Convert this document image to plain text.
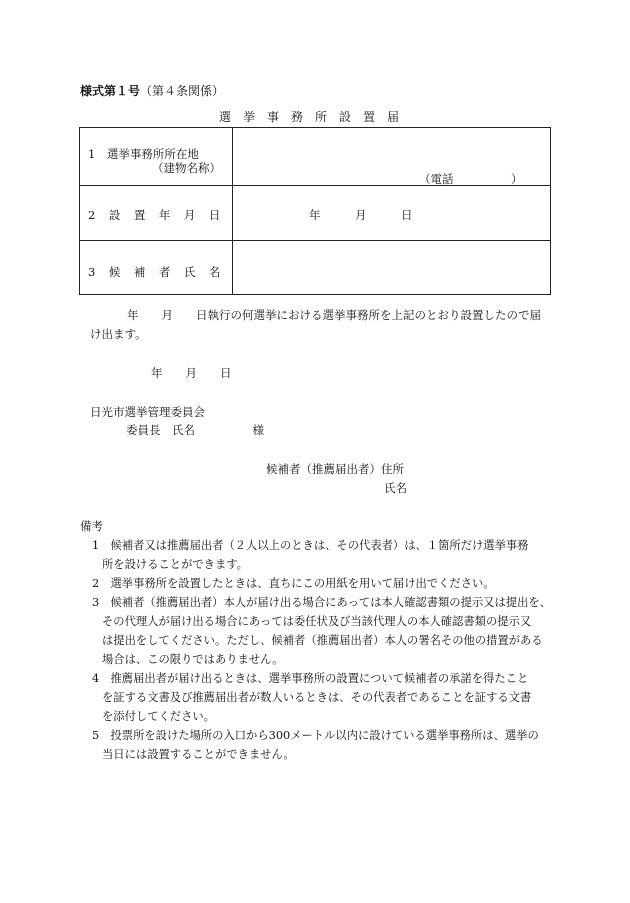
様式第１号（第４条関係）
選挙事務所設置届
1　選挙事務所所在地
（建物名称）
（電話　　　　　）
2　設　置　年　月　日	年　　　月　　　日
3　候　補　者　氏　名
年　　月　　日執行の何選挙における選挙事務所を上記のとおり設置したので届
け出ます。
年　　月　　日
日光市選挙管理委員会
委員長　氏名　　　　　様
候補者（推薦届出者）住所
氏名
備考
1　候補者又は推薦届出者（２人以上のときは、その代表者）は、１箇所だけ選挙事務
所を設けることができます。
2　選挙事務所を設置したときは、直ちにこの用紙を用いて届け出でください。
3　候補者（推薦届出者）本人が届け出る場合にあっては本人確認書類の提示又は提出を、
その代理人が届け出る場合にあっては委任状及び当該代理人の本人確認書類の提示又
は提出をしてください。ただし、候補者（推薦届出者）本人の署名その他の措置がある
場合は、この限りではありません。
4　推薦届出者が届け出るときは、選挙事務所の設置について候補者の承諾を得たこと
を証する文書及び推薦届出者が数人いるときは、その代表者であることを証する文書
を添付してください。
5　投票所を設けた場所の入口から300メートル以内に設けている選挙事務所は、選挙の
当日には設置することができません。
